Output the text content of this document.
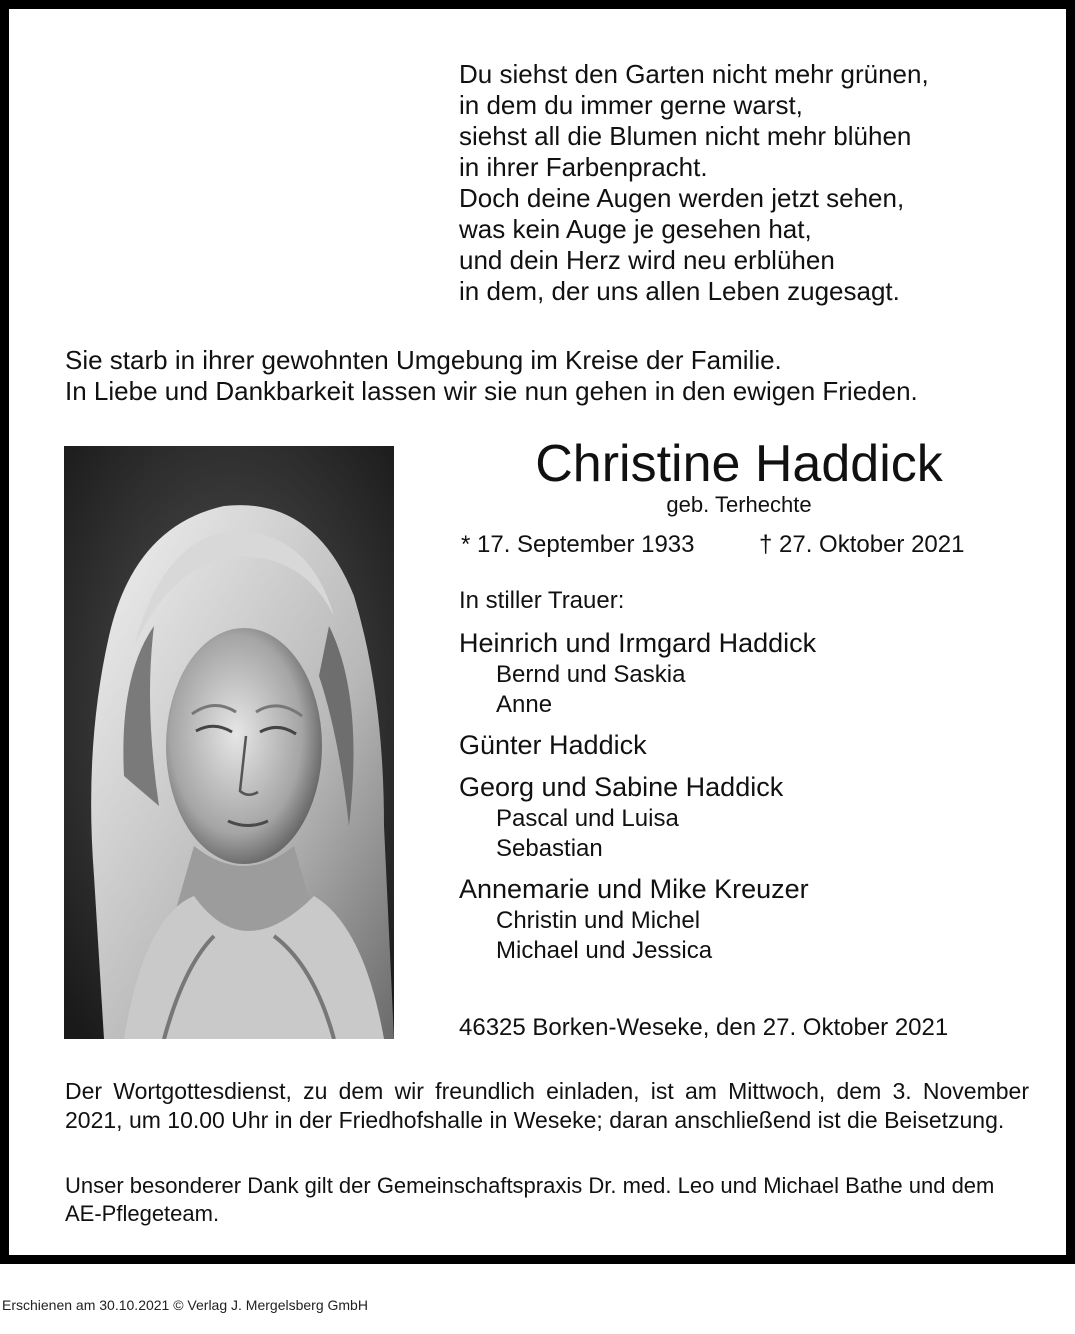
Du siehst den Garten nicht mehr grünen,
in dem du immer gerne warst,
siehst all die Blumen nicht mehr blühen
in ihrer Farbenpracht.
Doch deine Augen werden jetzt sehen,
was kein Auge je gesehen hat,
und dein Herz wird neu erblühen
in dem, der uns allen Leben zugesagt.
Sie starb in ihrer gewohnten Umgebung im Kreise der Familie.
In Liebe und Dankbarkeit lassen wir sie nun gehen in den ewigen Frieden.
Christine Haddick
geb. Terhechte
* 17. September 1933	† 27. Oktober 2021
In stiller Trauer:
Heinrich und Irmgard Haddick
Bernd und Saskia
Anne
Günter Haddick
Georg und Sabine Haddick
Pascal und Luisa
Sebastian
Annemarie und Mike Kreuzer
Christin und Michel
Michael und Jessica
46325 Borken-Weseke, den 27. Oktober 2021
Der Wortgottesdienst, zu dem wir freundlich einladen, ist am Mittwoch, dem 3. November 2021, um 10.00 Uhr in der Friedhofshalle in Weseke; daran anschließend ist die Beisetzung.
Unser besonderer Dank gilt der Gemeinschaftspraxis Dr. med. Leo und Michael Bathe und dem AE-Pflegeteam.
Erschienen am 30.10.2021 © Verlag J. Mergelsberg GmbH
